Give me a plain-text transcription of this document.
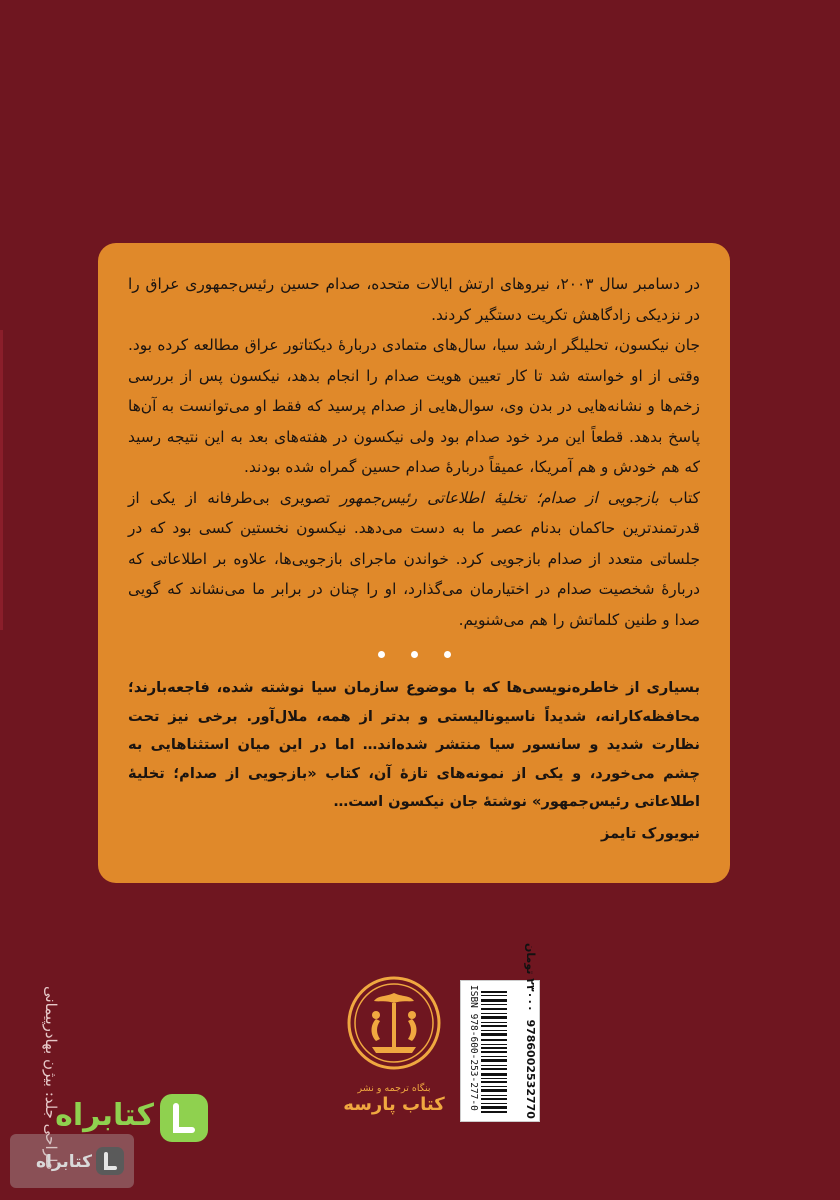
در دسامبر سال ۲۰۰۳، نیروهای ارتش ایالات متحده، صدام حسین رئیس‌جمهوری عراق را در نزدیکی زادگاهش تکریت دستگیر کردند.

جان نیکسون، تحلیلگر ارشد سیا، سال‌های متمادی دربارهٔ دیکتاتور عراق مطالعه کرده بود. وقتی از او خواسته شد تا کار تعیین هویت صدام را انجام بدهد، نیکسون پس از بررسی زخم‌ها و نشانه‌هایی در بدن وی، سوال‌هایی از صدام پرسید که فقط او می‌توانست به آن‌ها پاسخ بدهد. قطعاً این مرد خود صدام بود ولی نیکسون در هفته‌های بعد به این نتیجه رسید که هم خودش و هم آمریکا، عمیقاً دربارهٔ صدام حسین گمراه شده بودند.

کتاب بازجویی از صدام؛ تخلیهٔ اطلاعاتی رئیس‌جمهور تصویری بی‌طرفانه از یکی از قدرتمندترین حاکمان بدنام عصر ما به دست می‌دهد. نیکسون نخستین کسی بود که در جلساتی متعدد از صدام بازجویی کرد. خواندن ماجرای بازجویی‌ها، علاوه بر اطلاعاتی که دربارهٔ شخصیت صدام در اختیارمان می‌گذارد، او را چنان در برابر ما می‌نشاند که گویی صدا و طنین کلماتش را هم می‌شنویم.

بسیاری از خاطره‌نویسی‌ها که با موضوع سازمان سیا نوشته شده، فاجعه‌بارند؛ محافظه‌کارانه، شدیداً ناسیونالیستی و بدتر از همه، ملال‌آور. برخی نیز تحت نظارت شدید و سانسور سیا منتشر شده‌اند… اما در این میان استثناهایی به چشم می‌خورد، و یکی از نمونه‌های تازهٔ آن، کتاب «بازجویی از صدام؛ تخلیهٔ اطلاعاتی رئیس‌جمهور» نوشتهٔ جان نیکسون است…

نیویورک تایمز
طراحی جلد: بیژن بهادر‌پیمانی	بنگاه ترجمه و نشر
کتاب پارسه	ISBN 978-600-253-277-0	9786002532770  ۲۳۰۰۰ تومان
کتابراه
کتابراه
